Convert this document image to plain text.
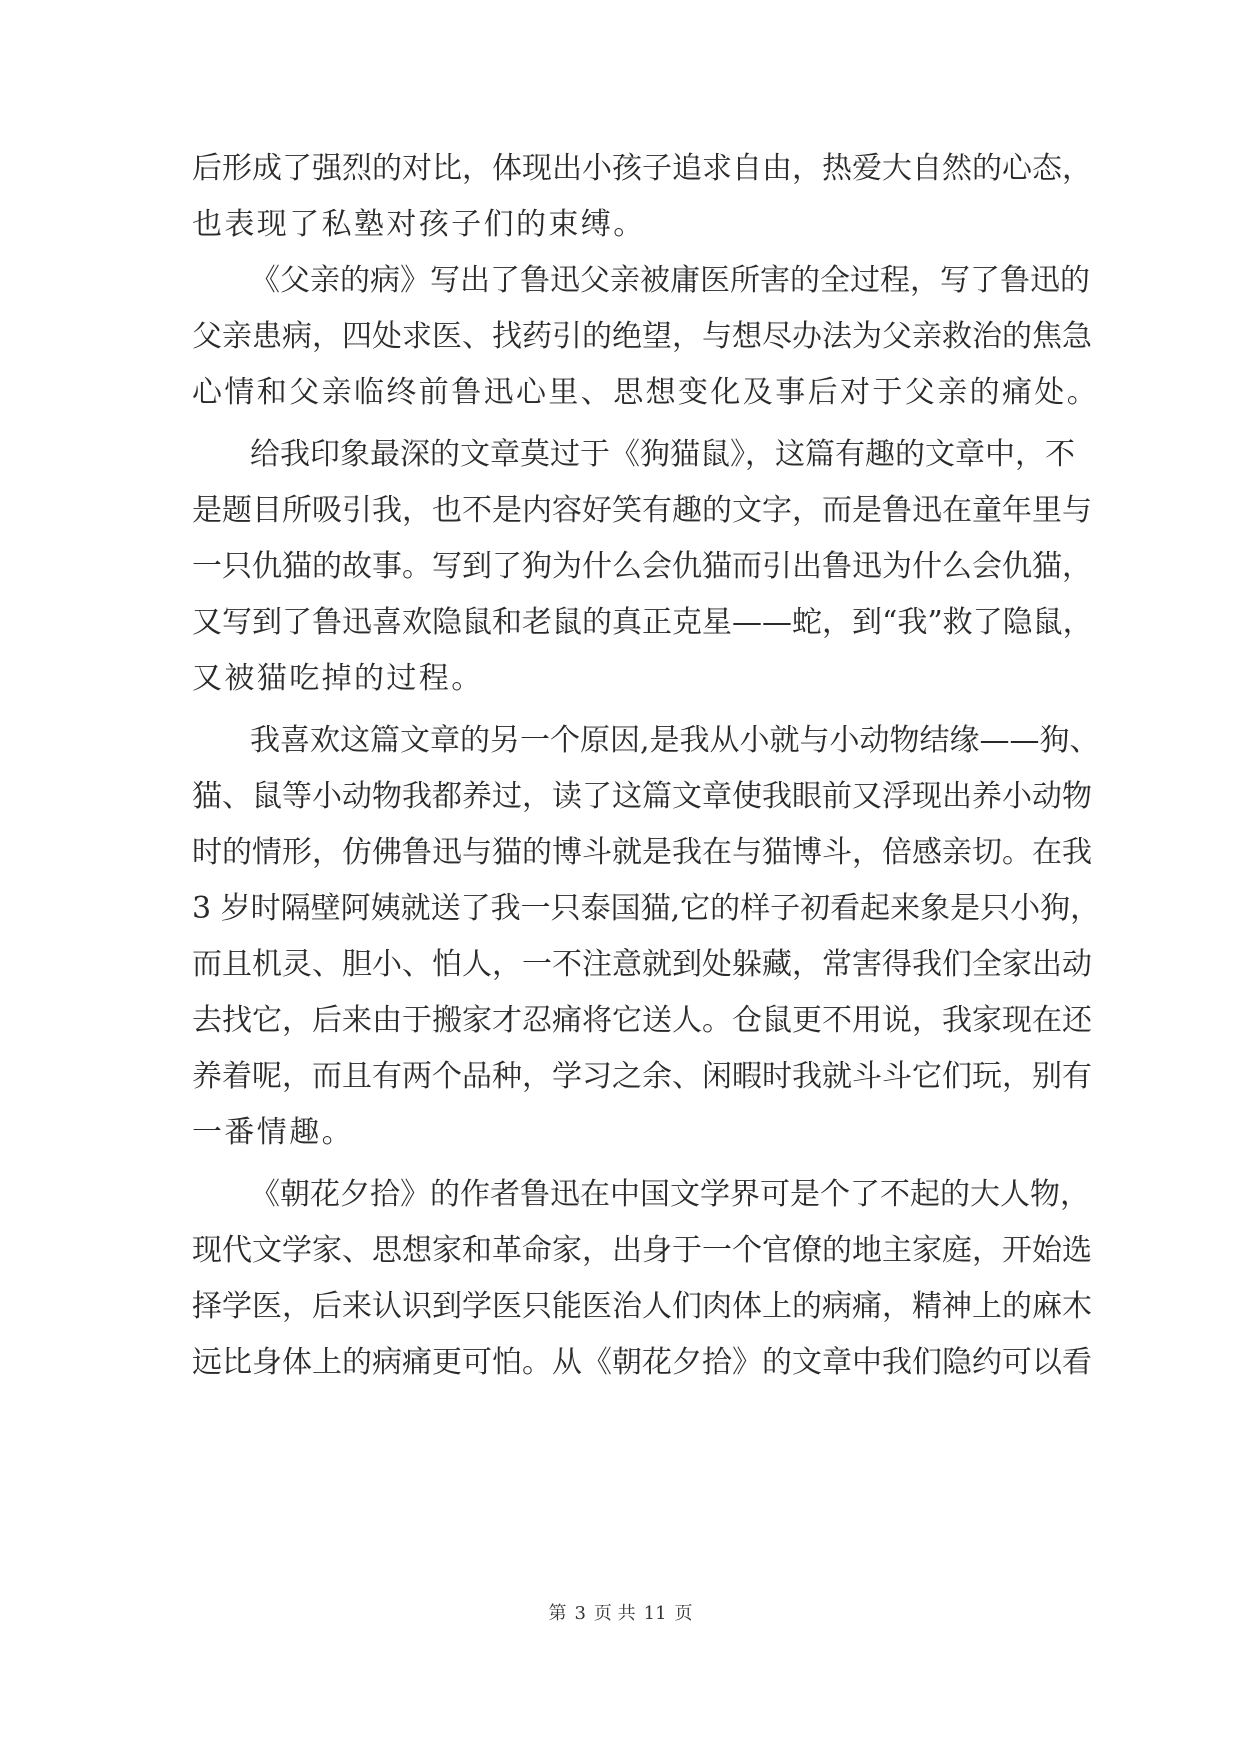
后形成了强烈的对比，体现出小孩子追求自由，热爱大自然的心态，
也表现了私塾对孩子们的束缚。
《父亲的病》写出了鲁迅父亲被庸医所害的全过程，写了鲁迅的
父亲患病，四处求医、找药引的绝望，与想尽办法为父亲救治的焦急
心情和父亲临终前鲁迅心里、思想变化及事后对于父亲的痛处。
给我印象最深的文章莫过于《狗猫鼠》，这篇有趣的文章中，不
是题目所吸引我，也不是内容好笑有趣的文字，而是鲁迅在童年里与
一只仇猫的故事。写到了狗为什么会仇猫而引出鲁迅为什么会仇猫，
又写到了鲁迅喜欢隐鼠和老鼠的真正克星——蛇，到“我”救了隐鼠，
又被猫吃掉的过程。
我喜欢这篇文章的另一个原因,是我从小就与小动物结缘——狗、
猫、鼠等小动物我都养过，读了这篇文章使我眼前又浮现出养小动物
时的情形，仿佛鲁迅与猫的博斗就是我在与猫博斗，倍感亲切。在我
3 岁时隔壁阿姨就送了我一只泰国猫,它的样子初看起来象是只小狗，
而且机灵、胆小、怕人，一不注意就到处躲藏，常害得我们全家出动
去找它，后来由于搬家才忍痛将它送人。仓鼠更不用说，我家现在还
养着呢，而且有两个品种，学习之余、闲暇时我就斗斗它们玩，别有
一番情趣。
《朝花夕拾》的作者鲁迅在中国文学界可是个了不起的大人物，
现代文学家、思想家和革命家，出身于一个官僚的地主家庭，开始选
择学医，后来认识到学医只能医治人们肉体上的病痛，精神上的麻木
远比身体上的病痛更可怕。从《朝花夕拾》的文章中我们隐约可以看
第 3 页 共 11 页
